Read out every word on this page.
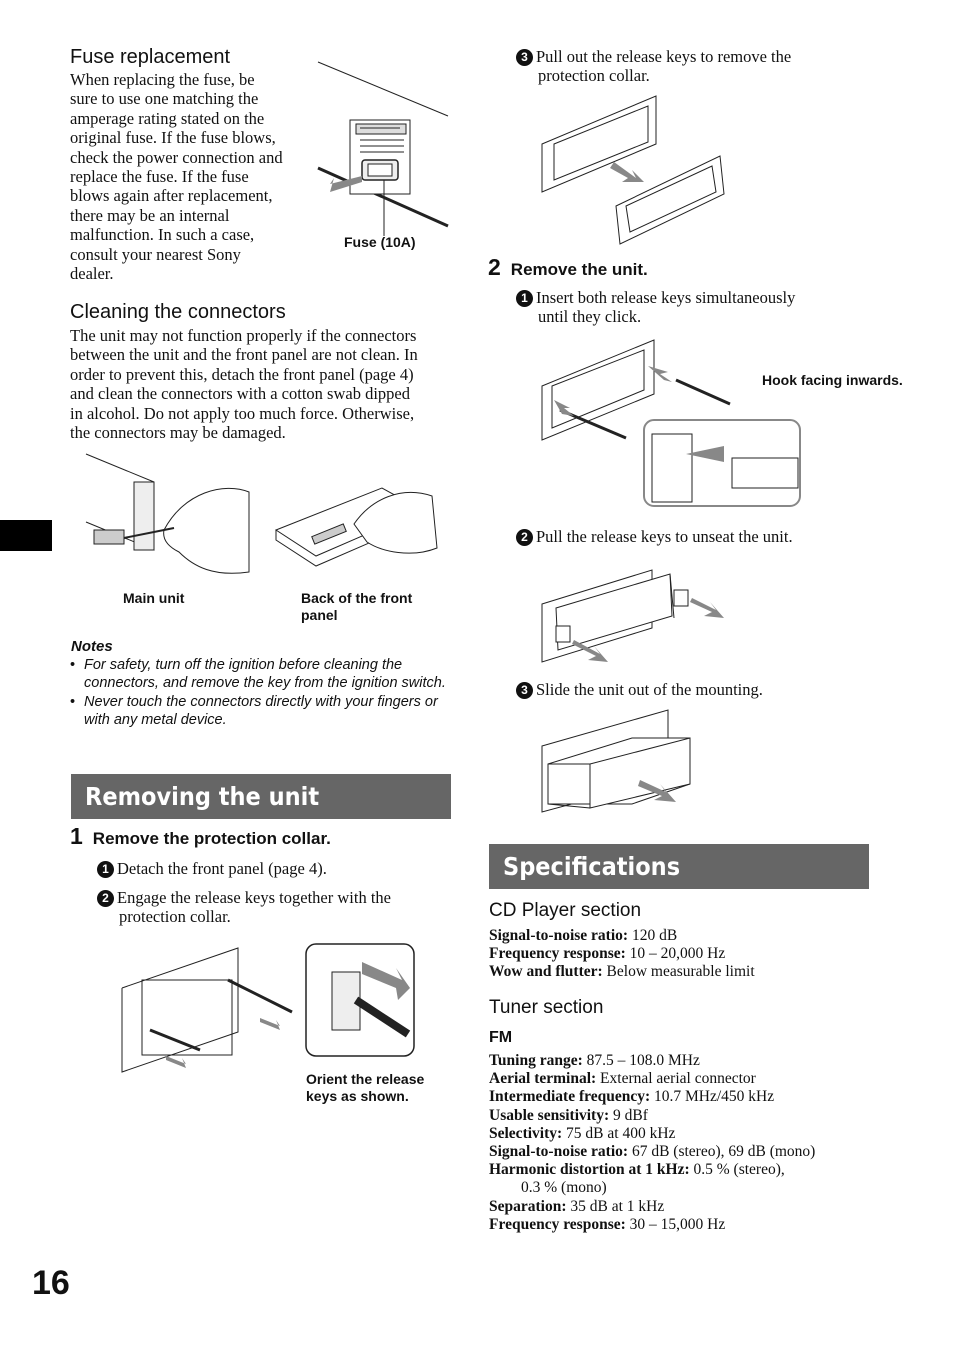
Fuse replacement
When replacing the fuse, be
sure to use one matching the
amperage rating stated on the
original fuse. If the fuse blows,
check the power connection and
replace the fuse. If the fuse
blows again after replacement,
there may be an internal
malfunction. In such a case,
consult your nearest Sony
dealer.
Fuse (10A)
Cleaning the connectors
The unit may not function properly if the connectors
between the unit and the front panel are not clean. In
order to prevent this, detach the front panel (page 4)
and clean the connectors with a cotton swab dipped
in alcohol. Do not apply too much force. Otherwise,
the connectors may be damaged.
Main unit	Back of the front panel
Notes
• For safety, turn off the ignition before cleaning the connectors, and remove the key from the ignition switch.
• Never touch the connectors directly with your fingers or with any metal device.
Removing the unit
1 Remove the protection collar.
1 Detach the front panel (page 4).
2 Engage the release keys together with the
protection collar.
Orient the release keys as shown.
16
3 Pull out the release keys to remove the
protection collar.
2 Remove the unit.
1 Insert both release keys simultaneously
until they click.
Hook facing inwards.
2 Pull the release keys to unseat the unit.
3 Slide the unit out of the mounting.
Specifications
CD Player section
Signal-to-noise ratio: 120 dB
Frequency response: 10 – 20,000 Hz
Wow and flutter: Below measurable limit
Tuner section
FM
Tuning range: 87.5 – 108.0 MHz
Aerial terminal: External aerial connector
Intermediate frequency: 10.7 MHz/450 kHz
Usable sensitivity: 9 dBf
Selectivity: 75 dB at 400 kHz
Signal-to-noise ratio: 67 dB (stereo), 69 dB (mono)
Harmonic distortion at 1 kHz: 0.5 % (stereo),
0.3 % (mono)
Separation: 35 dB at 1 kHz
Frequency response: 30 – 15,000 Hz
